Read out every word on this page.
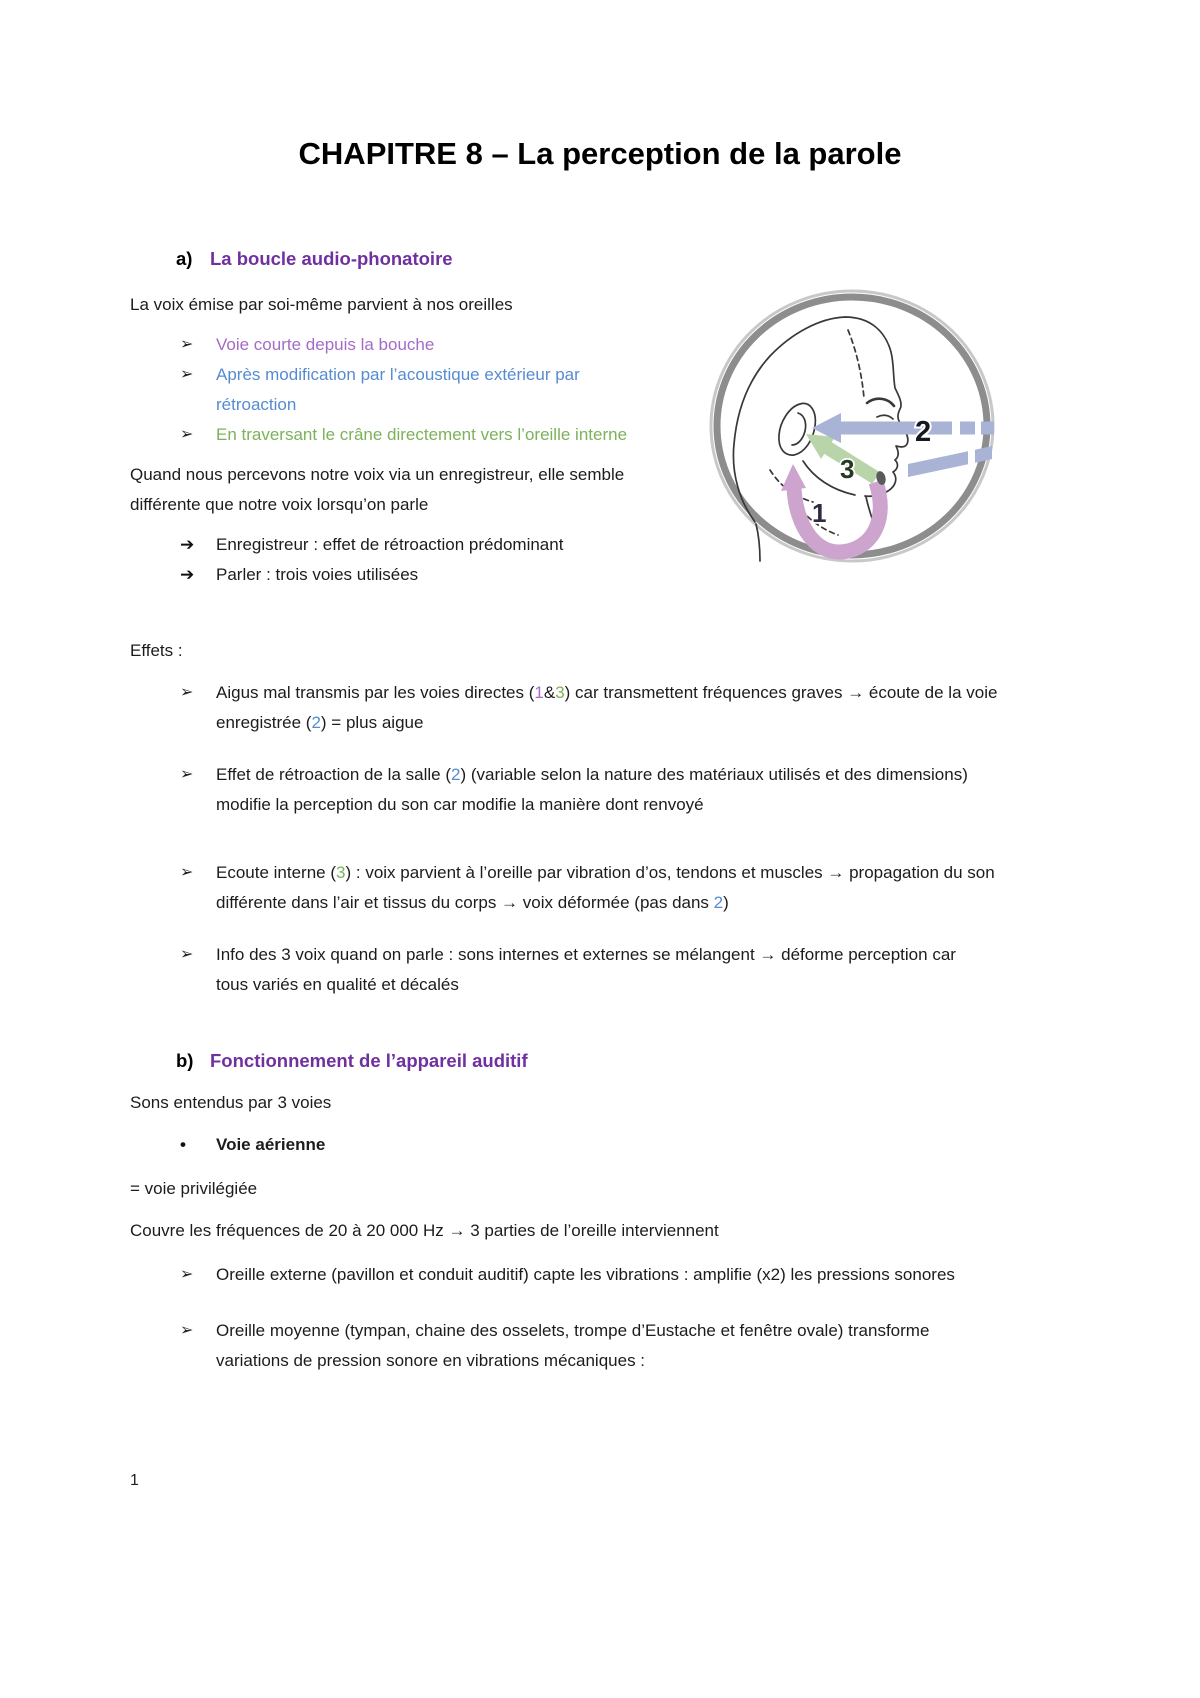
CHAPITRE 8 – La perception de la parole
a) La boucle audio-phonatoire
2
3
1

La voix émise par soi-même parvient à nos oreilles

➢	Voie courte depuis la bouche
➢	Après modification par l’acoustique extérieur par rétroaction
➢	En traversant le crâne directement vers l’oreille interne

Quand nous percevons notre voix via un enregistreur, elle semble différente que notre voix lorsqu’on parle

➔	Enregistreur : effet de rétroaction prédominant
➔	Parler : trois voies utilisées

Effets :

➢	Aigus mal transmis par les voies directes (1&3) car transmettent fréquences graves → écoute de la voie enregistrée (2) = plus aigue
➢	Effet de rétroaction de la salle (2) (variable selon la nature des matériaux utilisés et des dimensions) modifie la perception du son car modifie la manière dont renvoyé
➢	Ecoute interne (3) : voix parvient à l’oreille par vibration d’os, tendons et muscles → propagation du son différente dans l’air et tissus du corps → voix déformée (pas dans 2)
➢	Info des 3 voix quand on parle : sons internes et externes se mélangent → déforme perception car tous variés en qualité et décalés
b) Fonctionnement de l’appareil auditif

Sons entendus par 3 voies

•	Voie aérienne

= voie privilégiée

Couvre les fréquences de 20 à 20 000 Hz → 3 parties de l’oreille interviennent

➢	Oreille externe (pavillon et conduit auditif) capte les vibrations : amplifie (x2) les pressions sonores
➢	Oreille moyenne (tympan, chaine des osselets, trompe d’Eustache et fenêtre ovale) transforme variations de pression sonore en vibrations mécaniques :
1
